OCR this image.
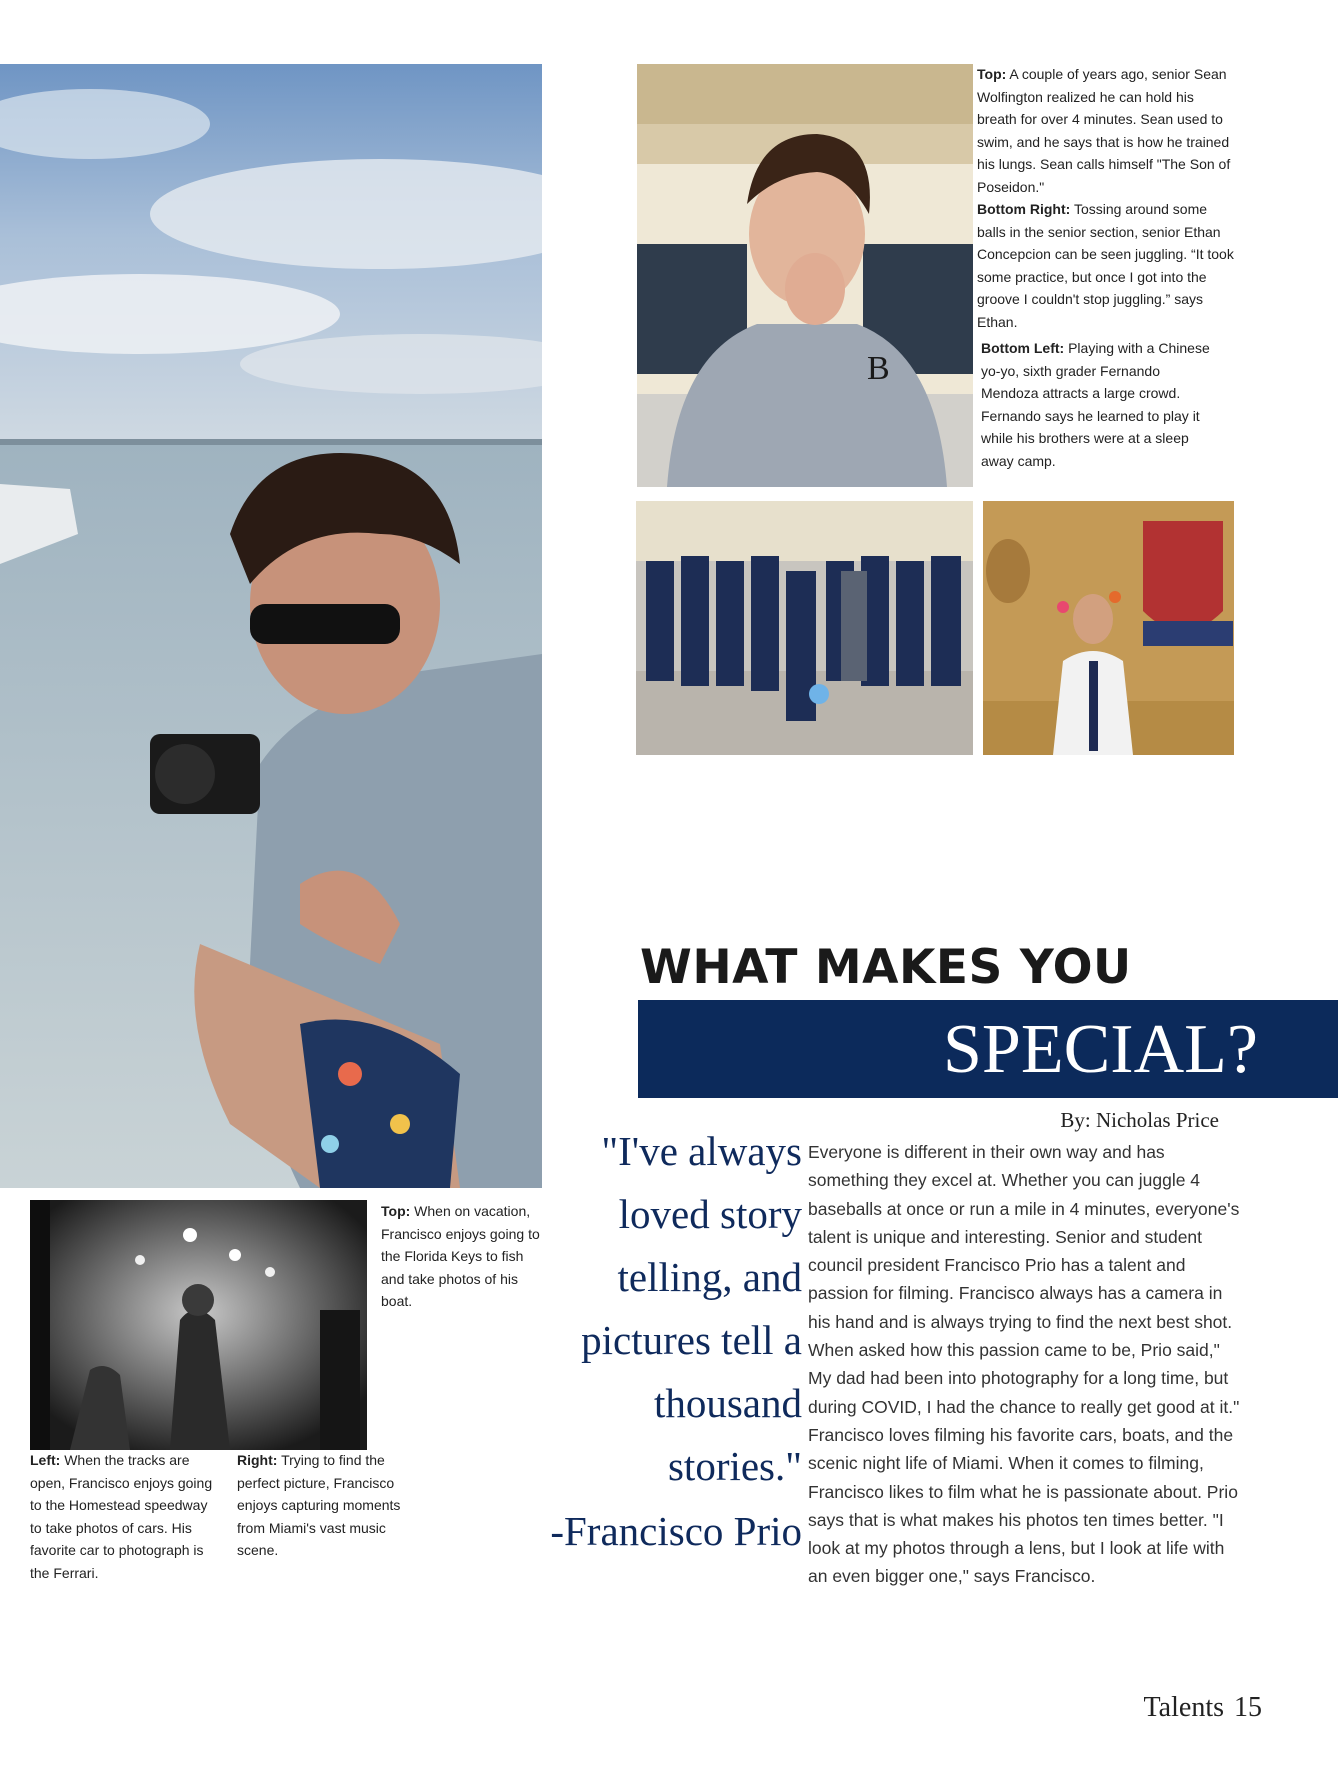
B
Top: A couple of years ago, senior Sean Wolfington realized he can hold his breath for over 4 minutes. Sean used to swim, and he says that is how he trained his lungs. Sean calls himself "The Son of Poseidon."
Bottom Right: Tossing around some balls in the senior section, senior Ethan Concepcion can be seen juggling. “It took some practice, but once I got into the groove I couldn't stop juggling.” says Ethan.
Bottom Left: Playing with a Chinese yo-yo, sixth grader Fernando Mendoza attracts a large crowd. Fernando says he learned to play it while his brothers were at a sleep away camp.
Top: When on vacation, Francisco enjoys going to the Florida Keys to fish and take photos of his boat.
Left: When the tracks are open, Francisco enjoys going to the Homestead speedway to take photos of cars. His favorite car to photograph is the Ferrari.
Right: Trying to find the perfect picture, Francisco enjoys capturing moments from Miami's vast music scene.
WHAT MAKES YOU
SPECIAL?
By: Nicholas Price
"I've always loved story telling, and pictures tell a thousand stories."
-Francisco Prio
Everyone is different in their own way and has something they excel at. Whether you can juggle 4 baseballs at once or run a mile in 4 minutes, everyone's talent is unique and interesting. Senior and student council president Francisco Prio has a talent and passion for filming. Francisco always has a camera in his hand and is always trying to find the next best shot. When asked how this passion came to be, Prio said," My dad had been into photography for a long time, but during COVID, I had the chance to really get good at it." Francisco loves filming his favorite cars, boats, and the scenic night life of Miami. When it comes to filming, Francisco likes to film what he is passionate about. Prio says that is what makes his photos ten times better. "I look at my photos through a lens, but I look at life with an even bigger one," says Francisco.
Talents 15
